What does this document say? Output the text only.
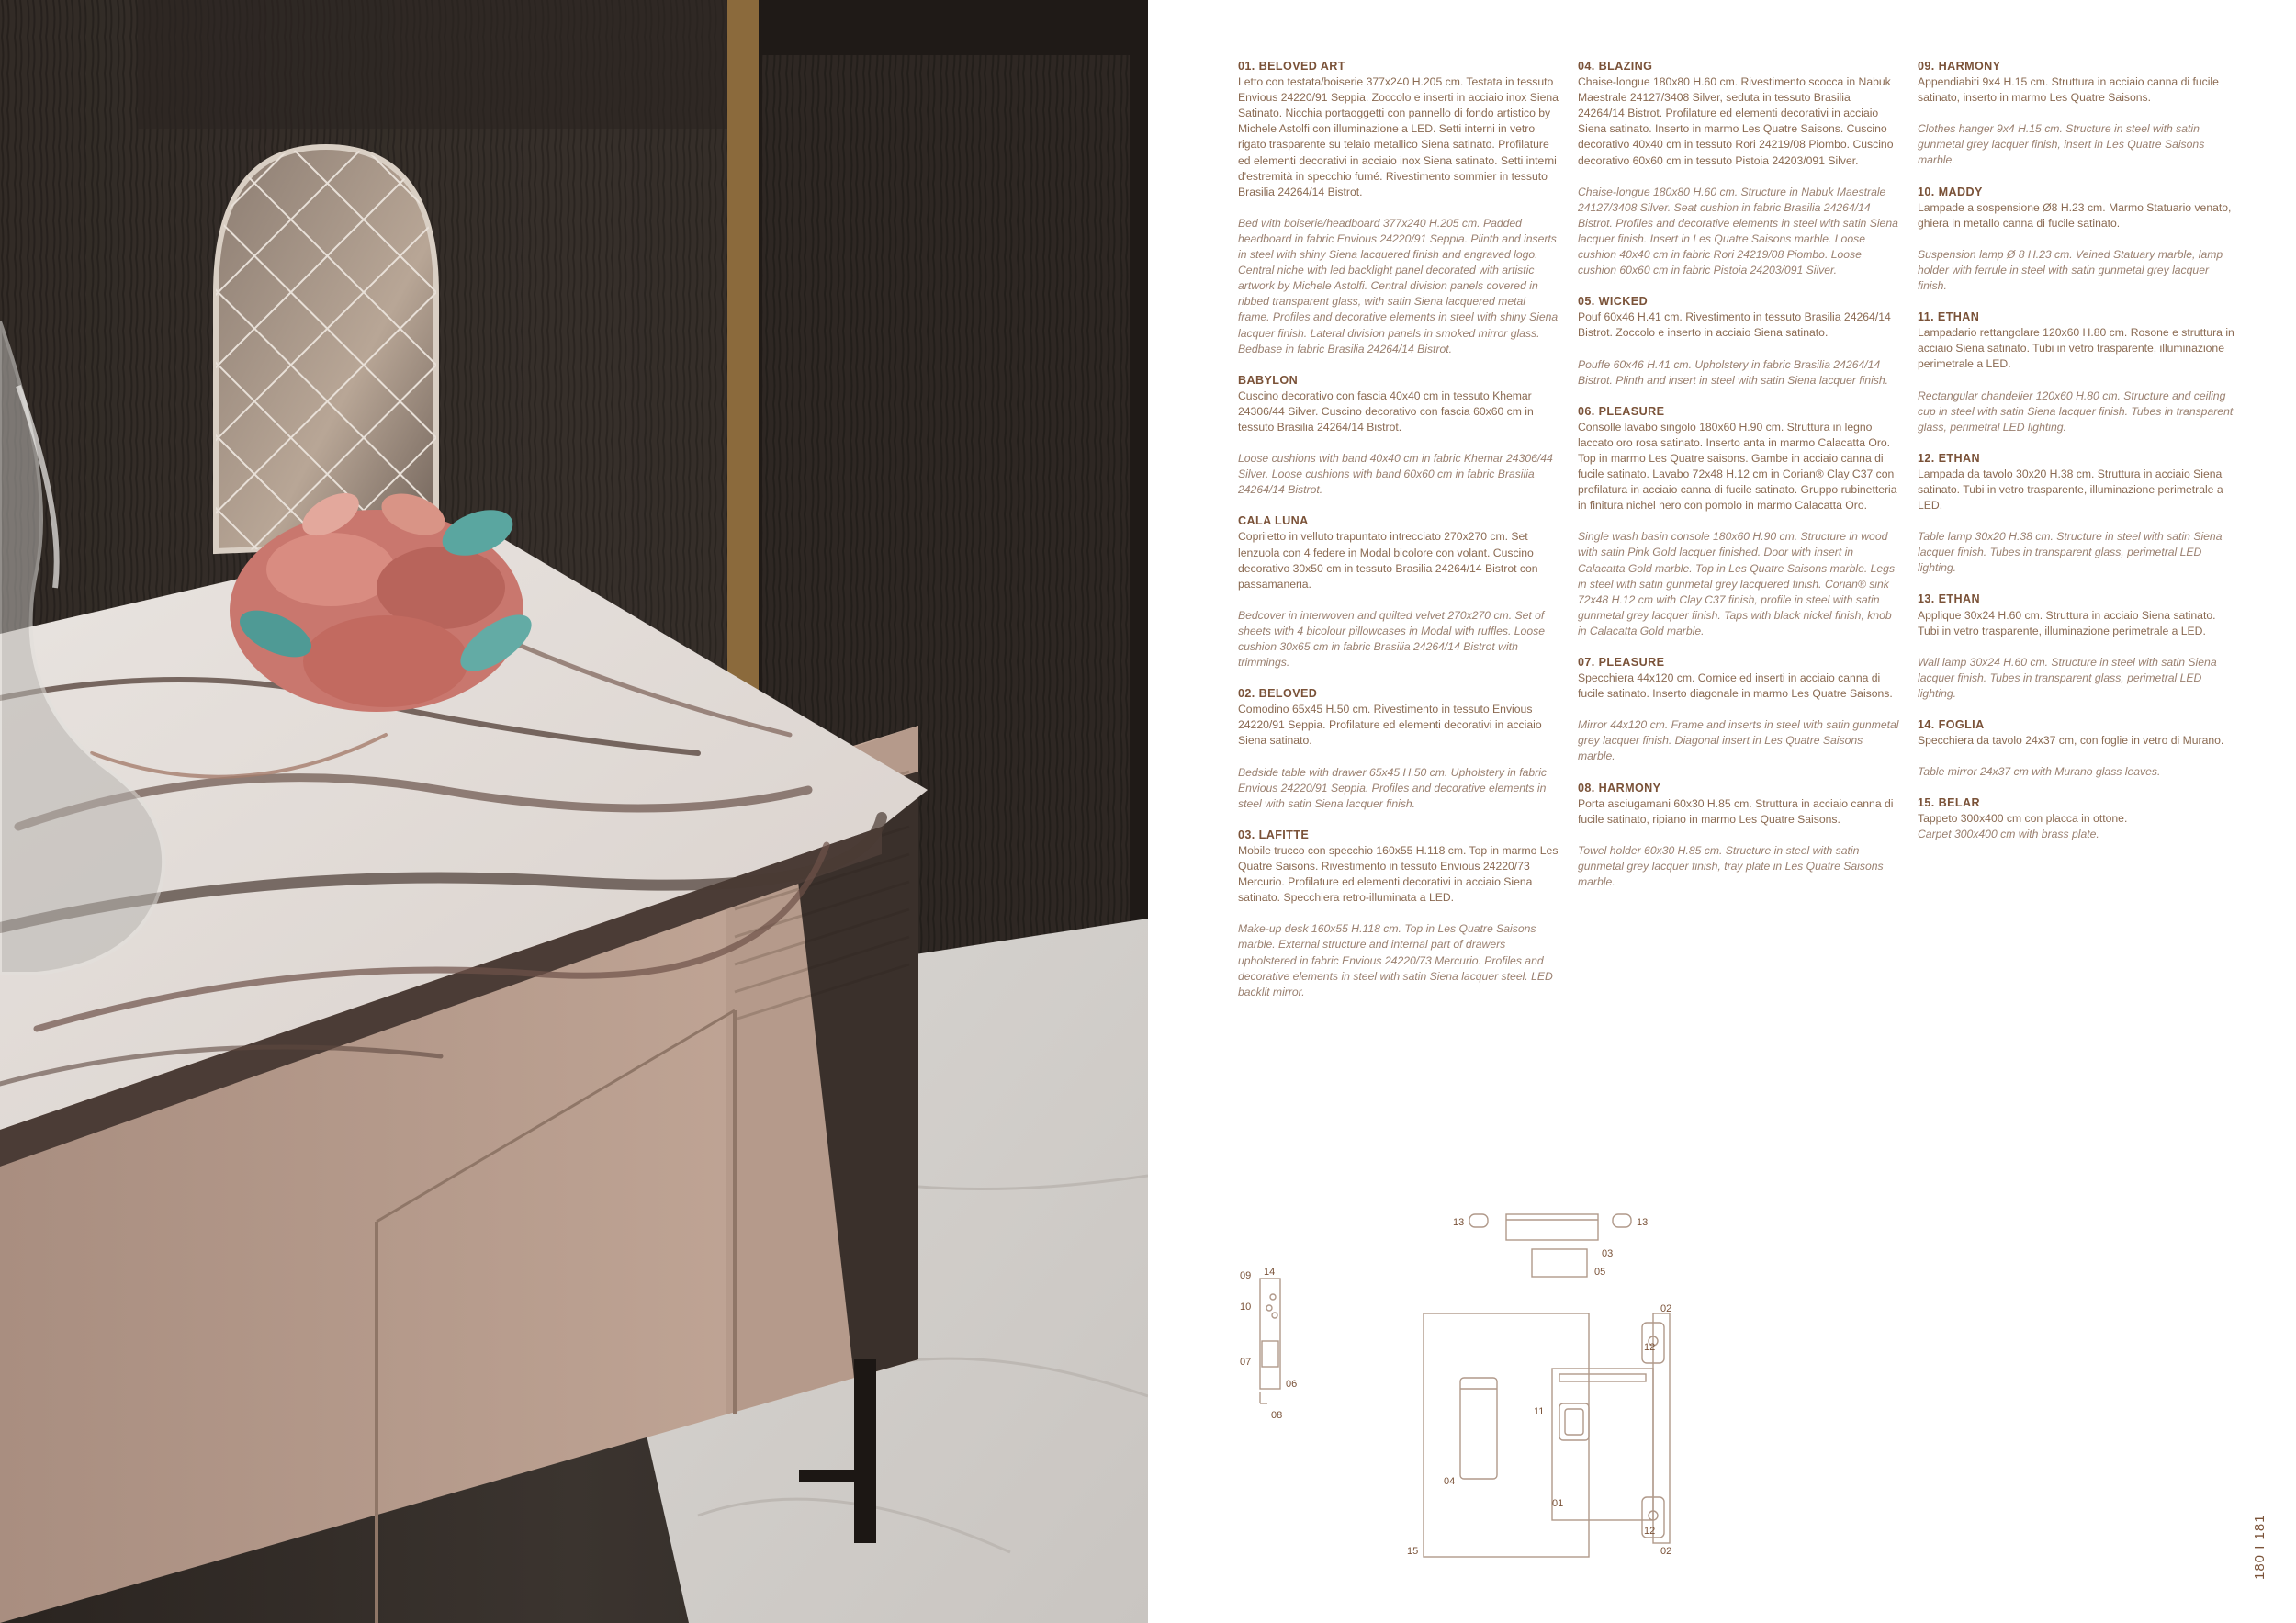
01. BELOVED ART
Letto con testata/boiserie 377x240 H.205 cm. Testata in tessuto Envious 24220/91 Seppia. Zoccolo e inserti in acciaio inox Siena Satinato. Nicchia portaoggetti con pannello di fondo artistico by Michele Astolfi con illuminazione a LED. Setti interni in vetro rigato trasparente su telaio metallico Siena satinato. Profilature ed elementi decorativi in acciaio inox Siena satinato. Setti interni d'estremità in specchio fumé. Rivestimento sommier in tessuto Brasilia 24264/14 Bistrot.
Bed with boiserie/headboard 377x240 H.205 cm. Padded headboard in fabric Envious 24220/91 Seppia. Plinth and inserts in steel with shiny Siena lacquered finish and engraved logo. Central niche with led backlight panel decorated with artistic artwork by Michele Astolfi. Central division panels covered in ribbed transparent glass, with satin Siena lacquered metal frame. Profiles and decorative elements in steel with shiny Siena lacquer finish. Lateral division panels in smoked mirror glass. Bedbase in fabric Brasilia 24264/14 Bistrot.
BABYLON
Cuscino decorativo con fascia 40x40 cm in tessuto Khemar 24306/44 Silver. Cuscino decorativo con fascia 60x60 cm in tessuto Brasilia 24264/14 Bistrot.
Loose cushions with band 40x40 cm in fabric Khemar 24306/44 Silver. Loose cushions with band 60x60 cm in fabric Brasilia 24264/14 Bistrot.
CALA LUNA
Copriletto in velluto trapuntato intrecciato 270x270 cm. Set lenzuola con 4 federe in Modal bicolore con volant. Cuscino decorativo 30x50 cm in tessuto Brasilia 24264/14 Bistrot con passamaneria.
Bedcover in interwoven and quilted velvet 270x270 cm. Set of sheets with 4 bicolour pillowcases in Modal with ruffles. Loose cushion 30x65 cm in fabric Brasilia 24264/14 Bistrot with trimmings.
02. BELOVED
Comodino 65x45 H.50 cm. Rivestimento in tessuto Envious 24220/91 Seppia. Profilature ed elementi decorativi in acciaio Siena satinato.
Bedside table with drawer 65x45 H.50 cm. Upholstery in fabric Envious 24220/91 Seppia. Profiles and decorative elements in steel with satin Siena lacquer finish.
03. LAFITTE
Mobile trucco con specchio 160x55 H.118 cm. Top in marmo Les Quatre Saisons. Rivestimento in tessuto Envious 24220/73 Mercurio. Profilature ed elementi decorativi in acciaio Siena satinato. Specchiera retro-illuminata a LED.
Make-up desk 160x55 H.118 cm. Top in Les Quatre Saisons marble. External structure and internal part of drawers upholstered in fabric Envious 24220/73 Mercurio. Profiles and decorative elements in steel with satin Siena lacquer steel. LED backlit mirror.
04. BLAZING
Chaise-longue 180x80 H.60 cm. Rivestimento scocca in Nabuk Maestrale 24127/3408 Silver, seduta in tessuto Brasilia 24264/14 Bistrot. Profilature ed elementi decorativi in acciaio Siena satinato. Inserto in marmo Les Quatre Saisons. Cuscino decorativo 40x40 cm in tessuto Rori 24219/08 Piombo. Cuscino decorativo 60x60 cm in tessuto Pistoia 24203/091 Silver.
Chaise-longue 180x80 H.60 cm. Structure in Nabuk Maestrale 24127/3408 Silver. Seat cushion in fabric Brasilia 24264/14 Bistrot. Profiles and decorative elements in steel with satin Siena lacquer finish. Insert in Les Quatre Saisons marble. Loose cushion 40x40 cm in fabric Rori 24219/08 Piombo. Loose cushion 60x60 cm in fabric Pistoia 24203/091 Silver.
05. WICKED
Pouf 60x46 H.41 cm. Rivestimento in tessuto Brasilia 24264/14 Bistrot. Zoccolo e inserto in acciaio Siena satinato.
Pouffe 60x46 H.41 cm. Upholstery in fabric Brasilia 24264/14 Bistrot. Plinth and insert in steel with satin Siena lacquer finish.
06. PLEASURE
Consolle lavabo singolo 180x60 H.90 cm. Struttura in legno laccato oro rosa satinato. Inserto anta in marmo Calacatta Oro. Top in marmo Les Quatre saisons. Gambe in acciaio canna di fucile satinato. Lavabo 72x48 H.12 cm in Corian® Clay C37 con profilatura in acciaio canna di fucile satinato. Gruppo rubinetteria in finitura nichel nero con pomolo in marmo Calacatta Oro.
Single wash basin console 180x60 H.90 cm. Structure in wood with satin Pink Gold lacquer finished. Door with insert in Calacatta Gold marble. Top in Les Quatre Saisons marble. Legs in steel with satin gunmetal grey lacquered finish. Corian® sink 72x48 H.12 cm with Clay C37 finish, profile in steel with satin gunmetal grey lacquer finish. Taps with black nickel finish, knob in Calacatta Gold marble.
07. PLEASURE
Specchiera 44x120 cm. Cornice ed inserti in acciaio canna di fucile satinato. Inserto diagonale in marmo Les Quatre Saisons.
Mirror 44x120 cm. Frame and inserts in steel with satin gunmetal grey lacquer finish. Diagonal insert in Les Quatre Saisons marble.
08. HARMONY
Porta asciugamani 60x30 H.85 cm. Struttura in acciaio canna di fucile satinato, ripiano in marmo Les Quatre Saisons.
Towel holder 60x30 H.85 cm. Structure in steel with satin gunmetal grey lacquer finish, tray plate in Les Quatre Saisons marble.
09. HARMONY
Appendiabiti 9x4 H.15 cm. Struttura in acciaio canna di fucile satinato, inserto in marmo Les Quatre Saisons.
Clothes hanger 9x4 H.15 cm. Structure in steel with satin gunmetal grey lacquer finish, insert in Les Quatre Saisons marble.
10. MADDY
Lampade a sospensione Ø8 H.23 cm. Marmo Statuario venato, ghiera in metallo canna di fucile satinato.
Suspension lamp Ø 8 H.23 cm. Veined Statuary marble, lamp holder with ferrule in steel with satin gunmetal grey lacquer finish.
11. ETHAN
Lampadario rettangolare 120x60 H.80 cm. Rosone e struttura in acciaio Siena satinato. Tubi in vetro trasparente, illuminazione perimetrale a LED.
Rectangular chandelier 120x60 H.80 cm. Structure and ceiling cup in steel with satin Siena lacquer finish. Tubes in transparent glass, perimetral LED lighting.
12. ETHAN
Lampada da tavolo 30x20 H.38 cm. Struttura in acciaio Siena satinato. Tubi in vetro trasparente, illuminazione perimetrale a LED.
Table lamp 30x20 H.38 cm. Structure in steel with satin Siena lacquer finish. Tubes in transparent glass, perimetral LED lighting.
13. ETHAN
Applique 30x24 H.60 cm. Struttura in acciaio Siena satinato. Tubi in vetro trasparente, illuminazione perimetrale a LED.
Wall lamp 30x24 H.60 cm. Structure in steel with satin Siena lacquer finish. Tubes in transparent glass, perimetral LED lighting.
14. FOGLIA
Specchiera da tavolo 24x37 cm, con foglie in vetro di Murano.
Table mirror 24x37 cm with Murano glass leaves.
15. BELAR
Tappeto 300x400 cm con placca in ottone.
Carpet 300x400 cm with brass plate.
13
03
13
05
09 14
10
07
06
08
02
12
11
04
01
12
02
15	180 I 181
